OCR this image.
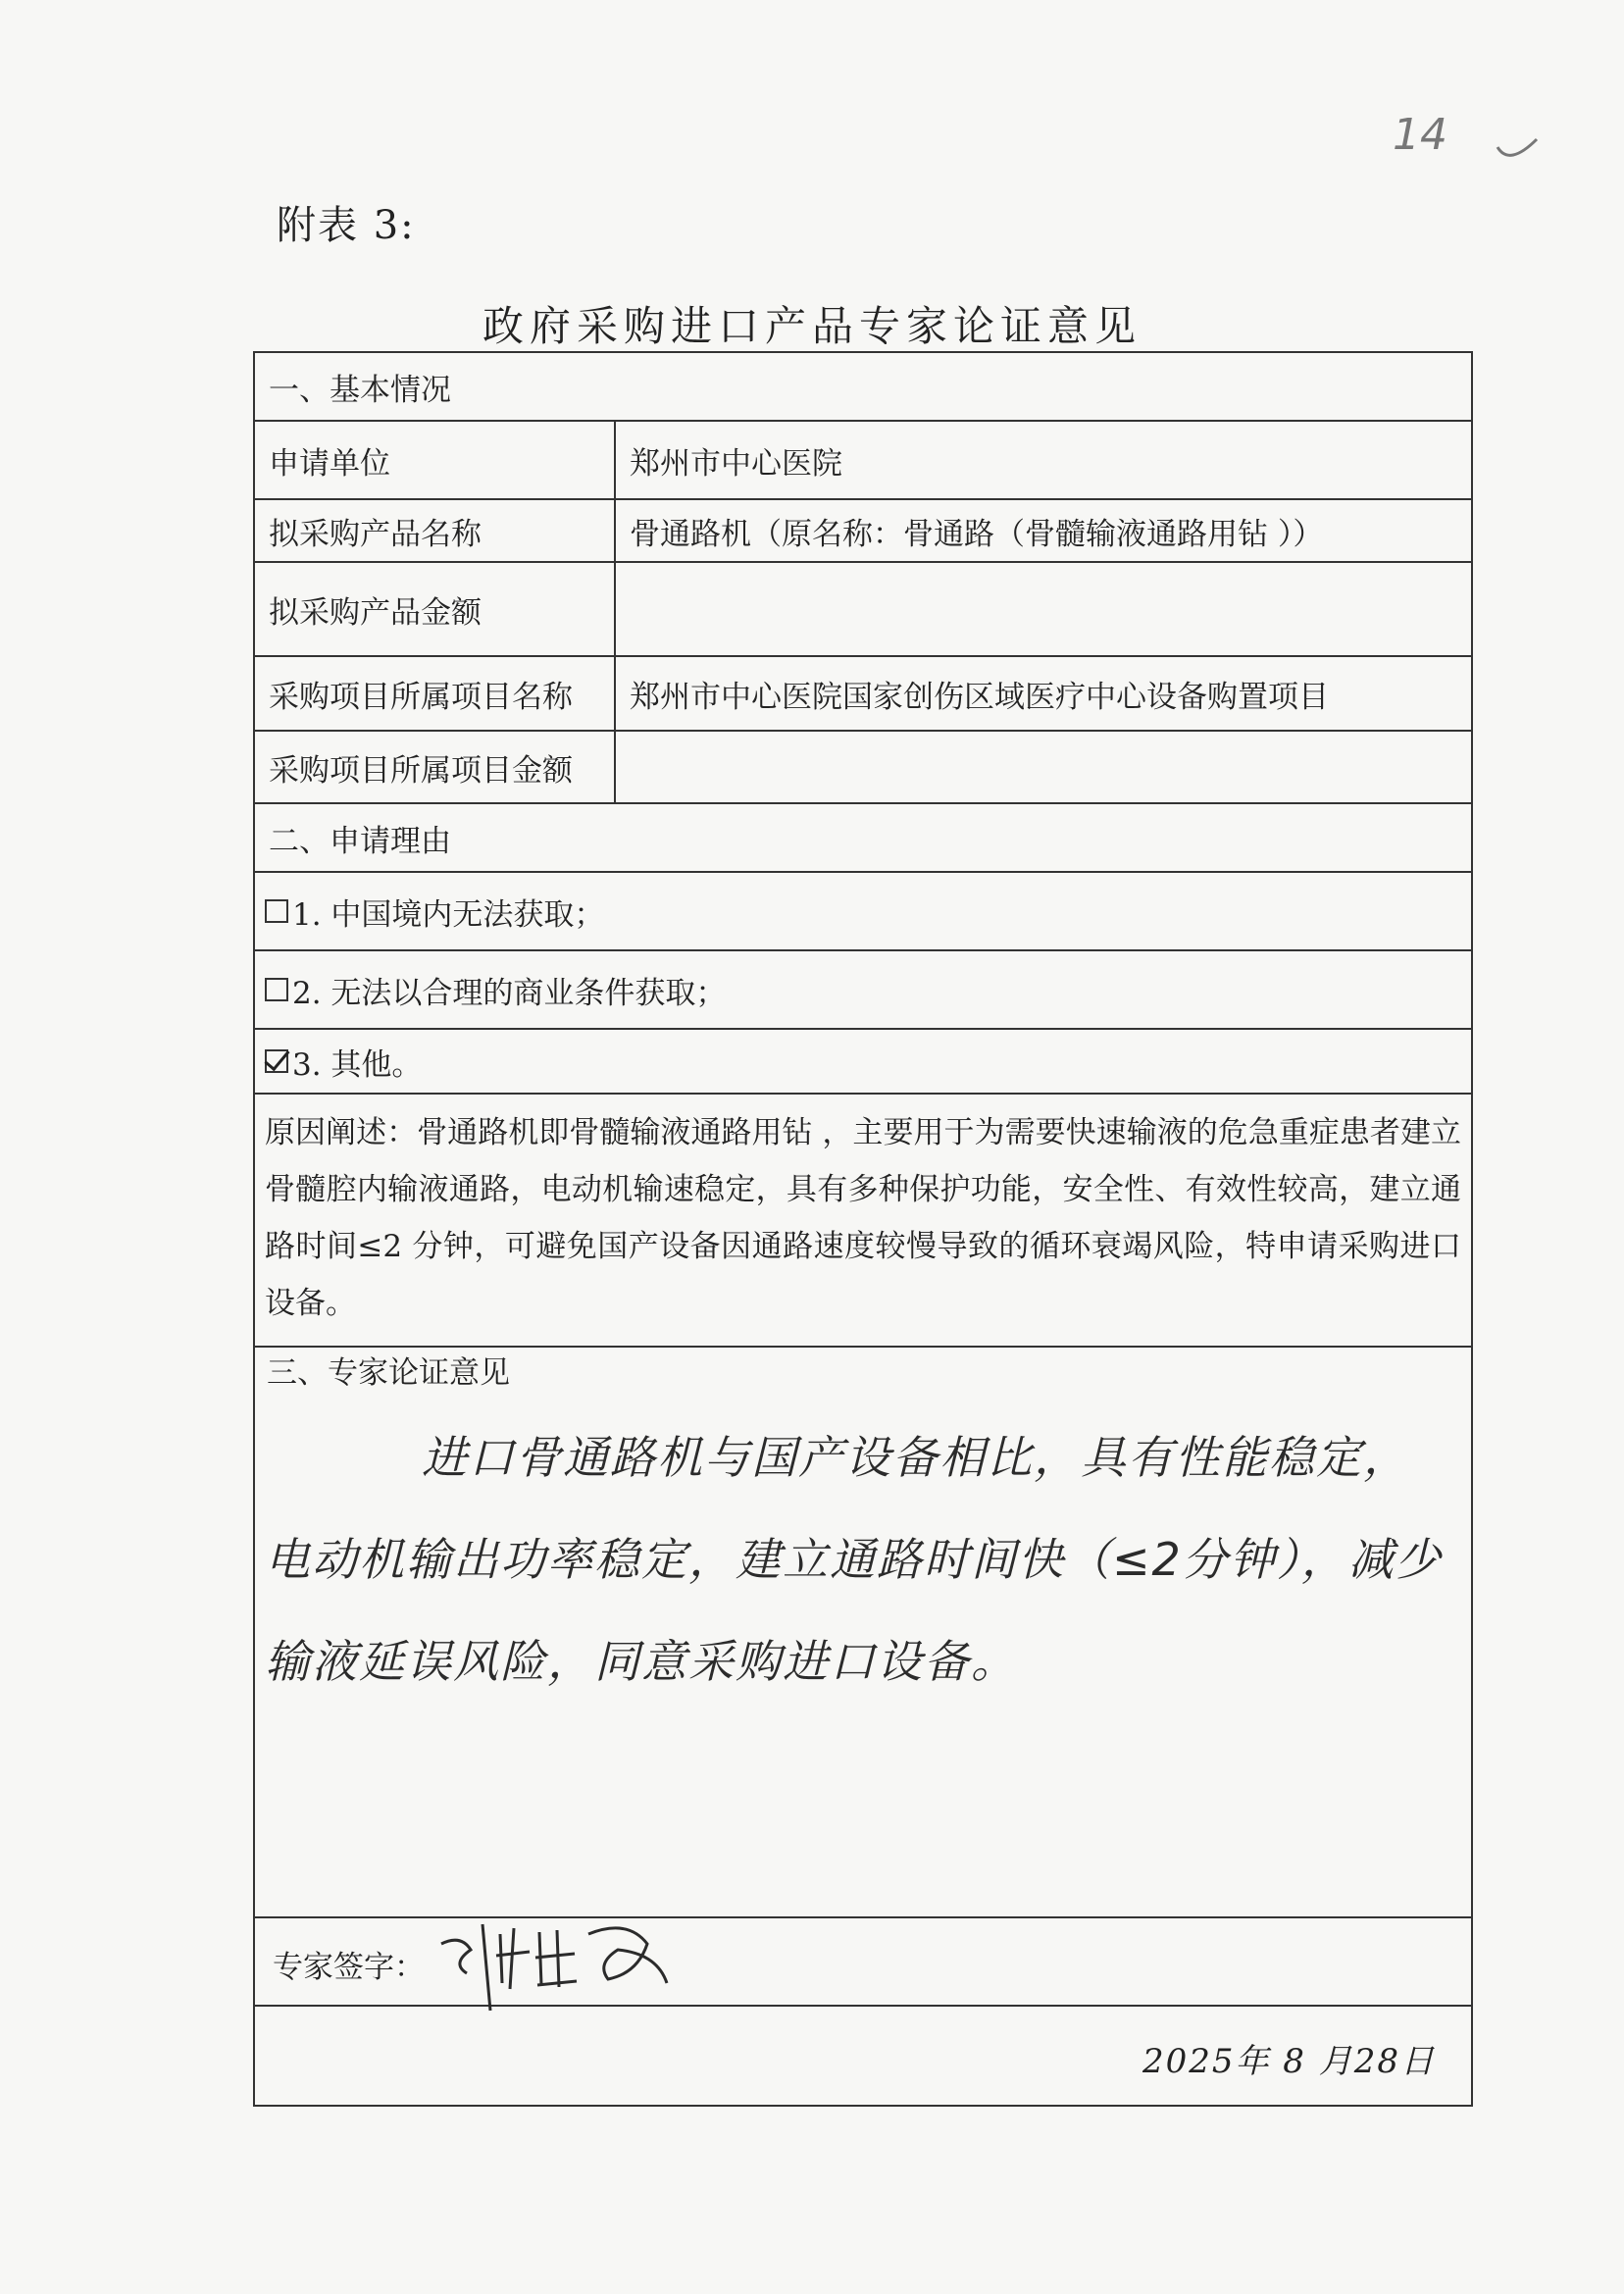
14
附表 3:
政府采购进口产品专家论证意见
一、基本情况
申请单位	郑州市中心医院
拟采购产品名称	骨通路机（原名称：骨通路（骨髓输液通路用钻 ））
拟采购产品金额
采购项目所属项目名称	郑州市中心医院国家创伤区域医疗中心设备购置项目
采购项目所属项目金额
二、申请理由
1. 中国境内无法获取；
2. 无法以合理的商业条件获取；
3. 其他。
原因阐述：骨通路机即骨髓输液通路用钻 ，主要用于为需要快速输液的危急重症患者建立骨髓腔内输液通路，电动机输速稳定，具有多种保护功能，安全性、有效性较高，建立通路时间≤2 分钟，可避免国产设备因通路速度较慢导致的循环衰竭风险，特申请采购进口设备。
三、专家论证意见
进口骨通路机与国产设备相比，具有性能稳定，电动机输出功率稳定，建立通路时间快（≤2分钟），减少输液延误风险，同意采购进口设备。
专家签字：
2025年 8 月28日
